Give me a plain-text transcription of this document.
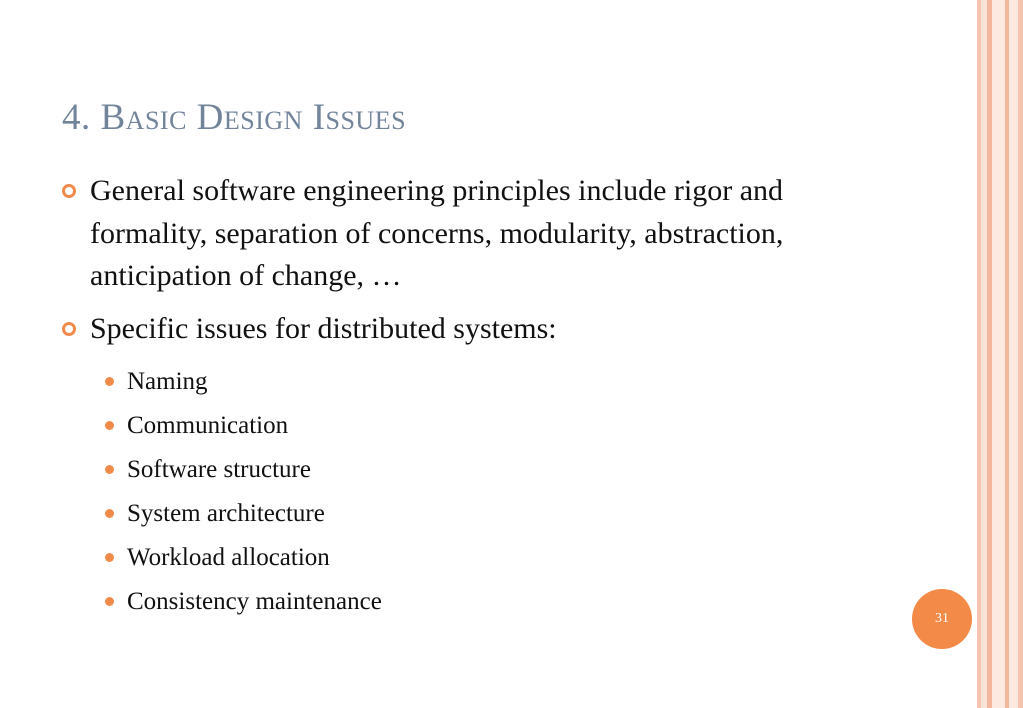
4. Basic Design Issues
General software engineering principles include rigor and formality, separation of concerns, modularity, abstraction, anticipation of change, …
Specific issues for distributed systems:
Naming
Communication
Software structure
System architecture
Workload allocation
Consistency maintenance
31
